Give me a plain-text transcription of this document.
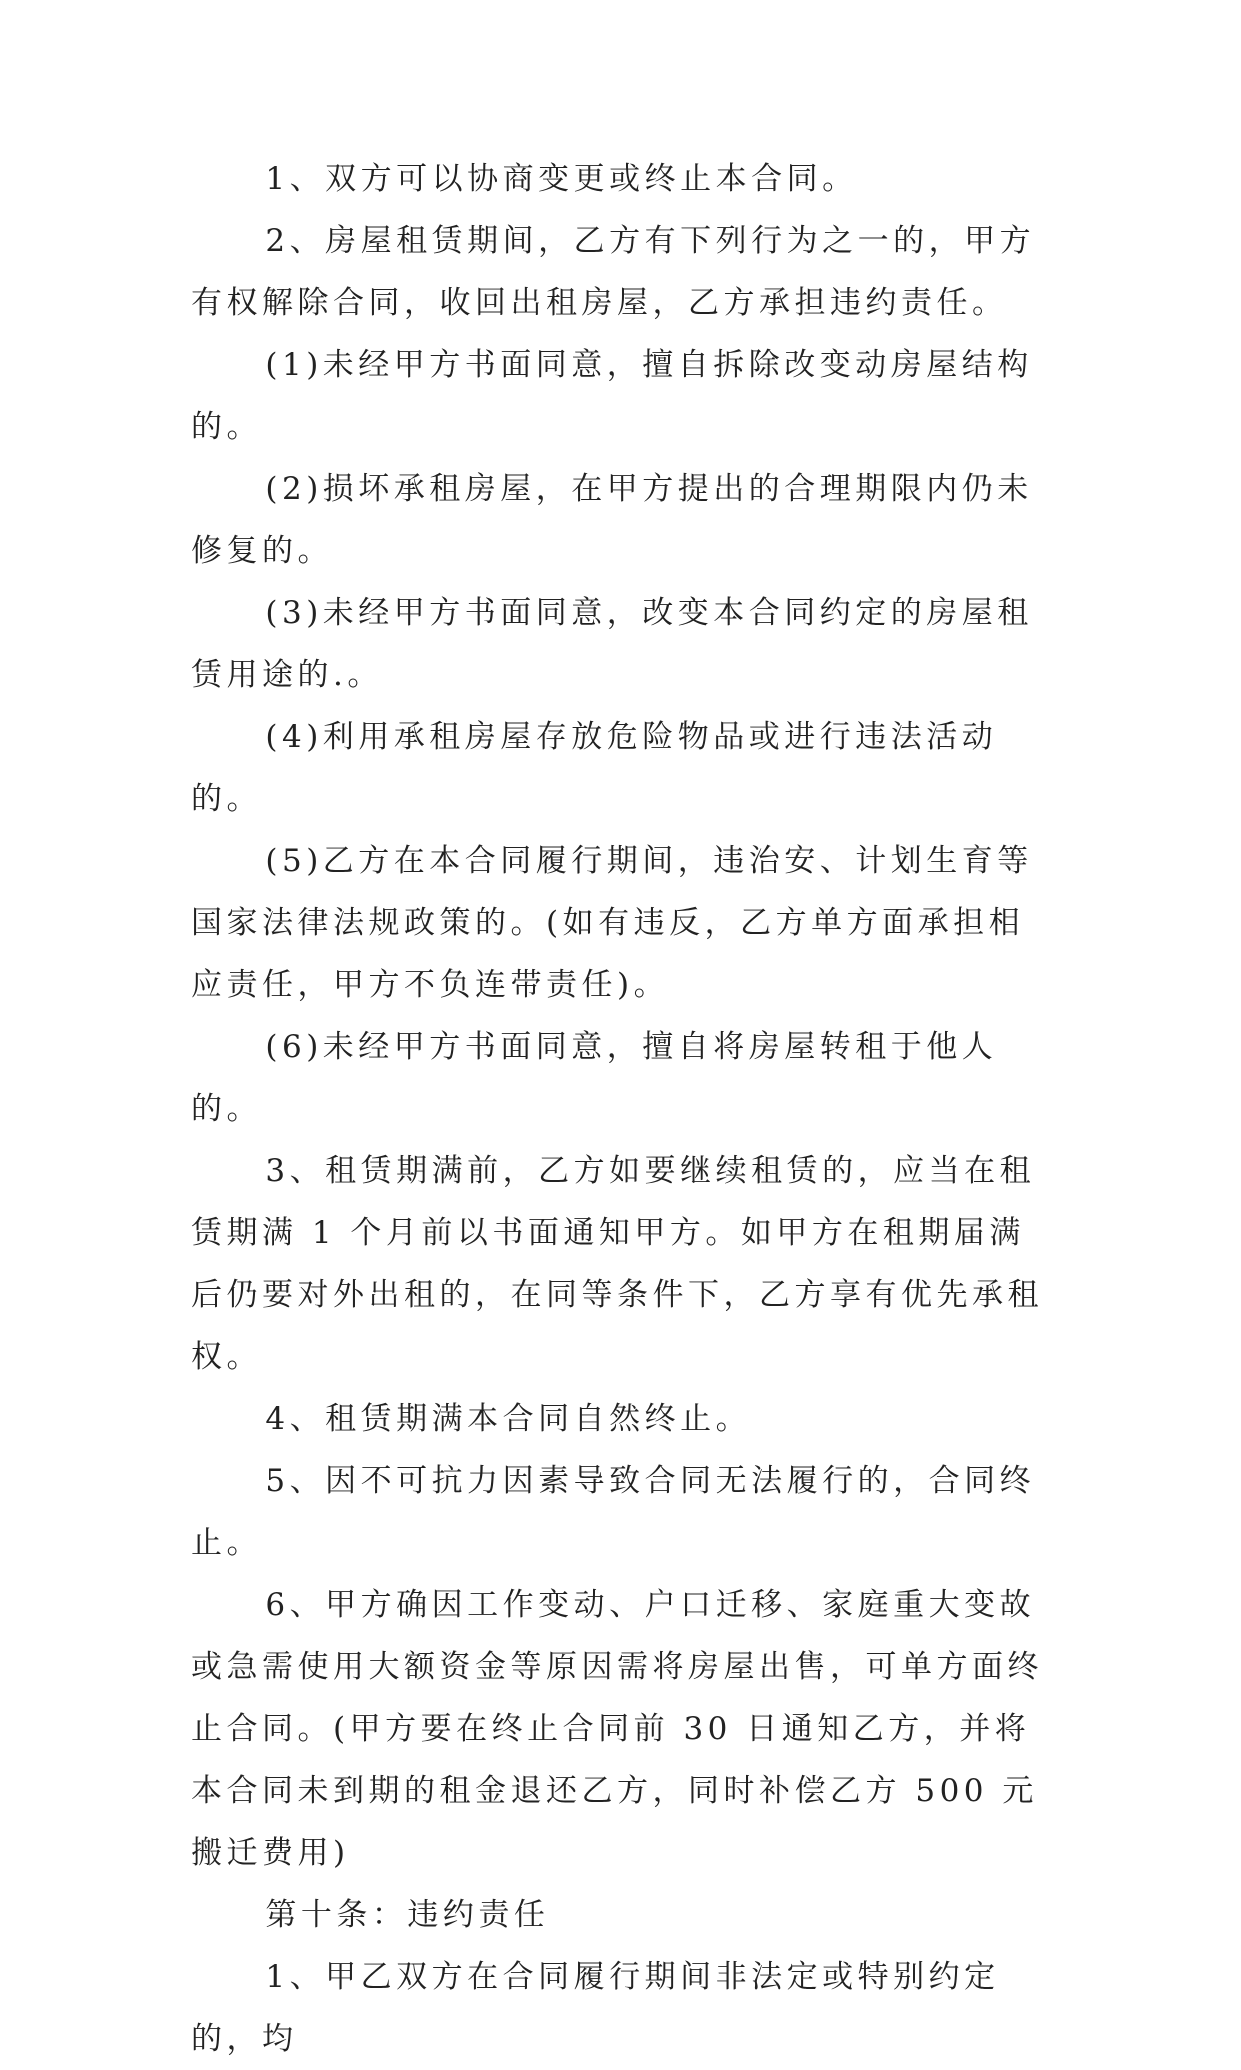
1、双方可以协商变更或终止本合同。

2、房屋租赁期间，乙方有下列行为之一的，甲方有权解除合同，收回出租房屋，乙方承担违约责任。

(1)未经甲方书面同意，擅自拆除改变动房屋结构的。

(2)损坏承租房屋，在甲方提出的合理期限内仍未修复的。

(3)未经甲方书面同意，改变本合同约定的房屋租赁用途的.。

(4)利用承租房屋存放危险物品或进行违法活动的。

(5)乙方在本合同履行期间，违治安、计划生育等国家法律法规政策的。(如有违反，乙方单方面承担相应责任，甲方不负连带责任)。

(6)未经甲方书面同意，擅自将房屋转租于他人的。

3、租赁期满前，乙方如要继续租赁的，应当在租赁期满 1 个月前以书面通知甲方。如甲方在租期届满后仍要对外出租的，在同等条件下，乙方享有优先承租权。

4、租赁期满本合同自然终止。

5、因不可抗力因素导致合同无法履行的，合同终止。

6、甲方确因工作变动、户口迁移、家庭重大变故或急需使用大额资金等原因需将房屋出售，可单方面终止合同。(甲方要在终止合同前 30 日通知乙方，并将本合同未到期的租金退还乙方，同时补偿乙方 500 元搬迁费用)

第十条：违约责任

1、甲乙双方在合同履行期间非法定或特别约定的，均
